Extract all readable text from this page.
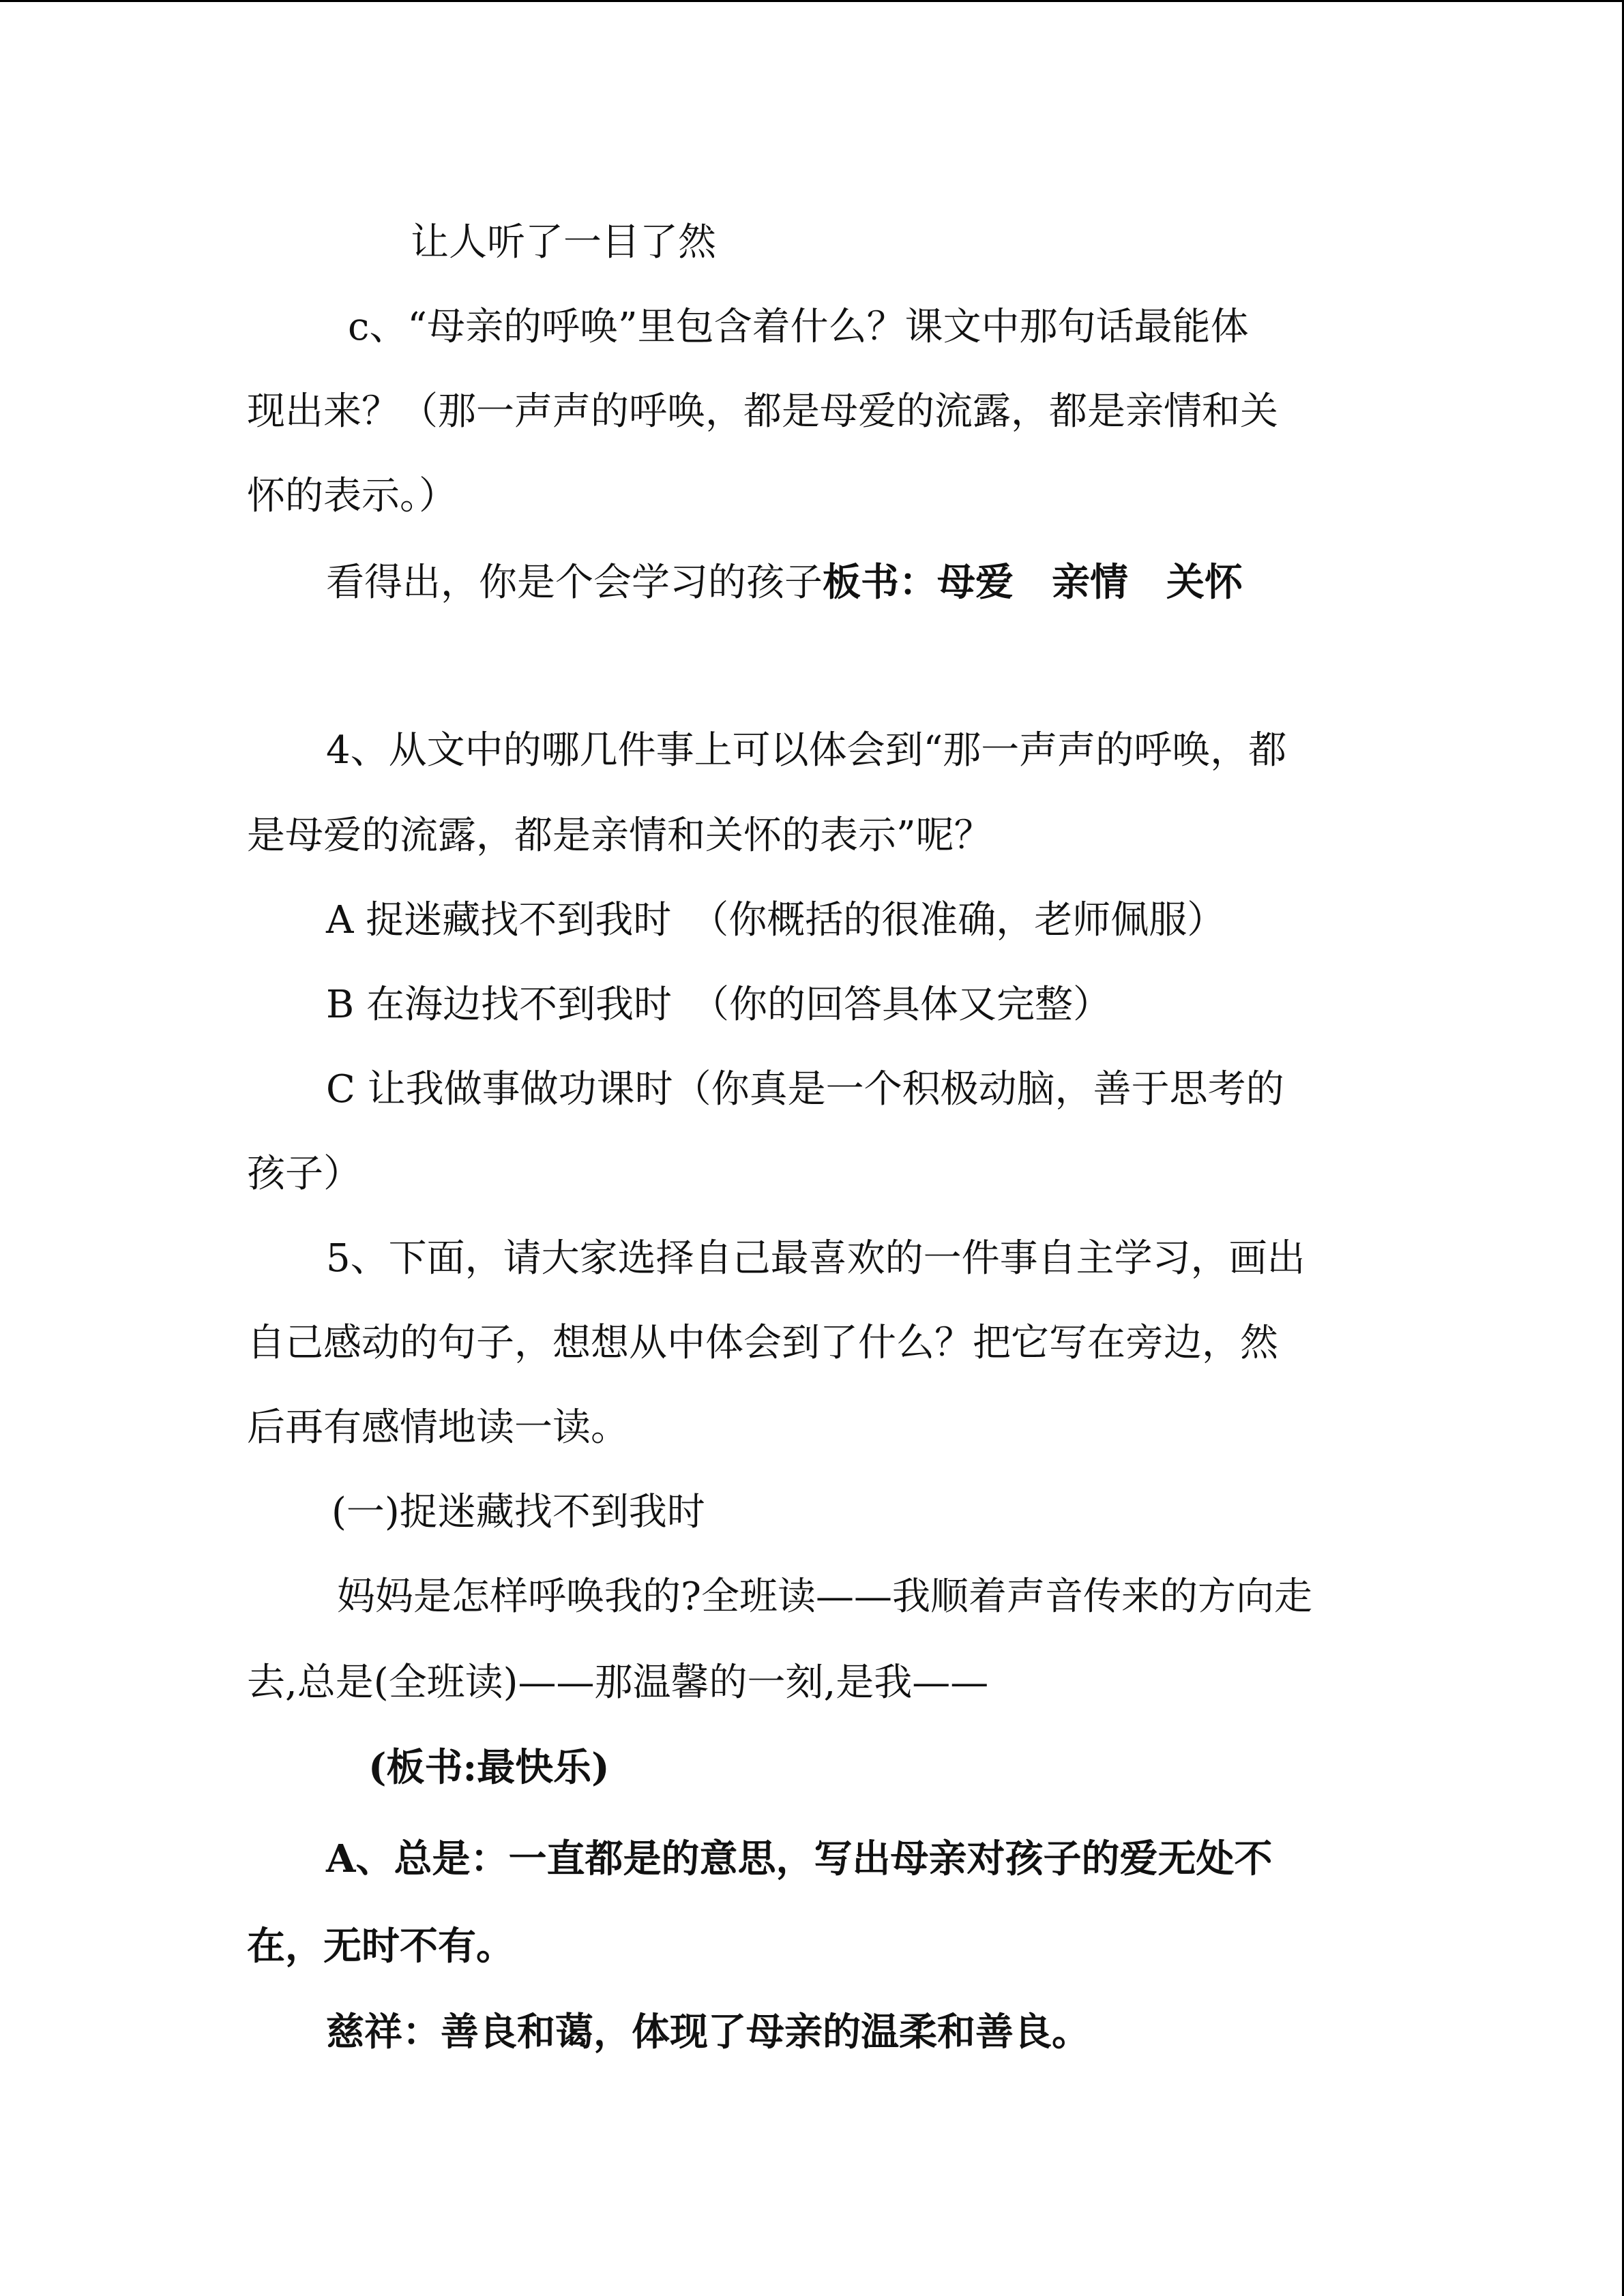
让人听了一目了然
c、“母亲的呼唤”里包含着什么？课文中那句话最能体
现出来？（那一声声的呼唤，都是母爱的流露，都是亲情和关
怀的表示。）
看得出，你是个会学习的孩子板书：母爱　亲情　关怀
4、从文中的哪几件事上可以体会到“那一声声的呼唤，都
是母爱的流露，都是亲情和关怀的表示”呢？
A 捉迷藏找不到我时　（你概括的很准确，老师佩服）
B 在海边找不到我时　（你的回答具体又完整）
C 让我做事做功课时（你真是一个积极动脑，善于思考的
孩子）
5、下面，请大家选择自己最喜欢的一件事自主学习，画出
自己感动的句子，想想从中体会到了什么？把它写在旁边，然
后再有感情地读一读。
(一)捉迷藏找不到我时
妈妈是怎样呼唤我的?全班读——我顺着声音传来的方向走
去,总是(全班读)——那温馨的一刻,是我——
(板书:最快乐)
A、总是：一直都是的意思，写出母亲对孩子的爱无处不
在，无时不有。
慈祥：善良和蔼，体现了母亲的温柔和善良。
